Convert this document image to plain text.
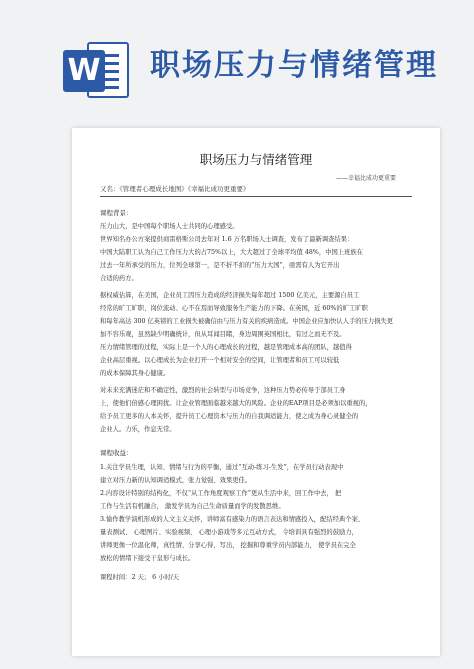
W 职场压力与情绪管理
职场压力与情绪管理
——幸福比成功更重要
又名：《管理者心理成长地图》《幸福比成功更重要》
课程背景：
压力山大，是中国每个职场人士共同的心理感受。
世界知名办公方案提供商雷格斯公司去年对 1.6 万名职场人士调查，发布了最新调查结果：
中国大陆职工认为自己工作压力大的占75%以上，大大超过了全球平均值 48%，中国上班族在
过去一年所承受的压力，位列全球第一，是不折不扣的“压力大国”，亟需有人为它开出
合适的药方。
据权威估算，在美国，企业员工因压力造成的经济损失每年超过 1500 亿美元，主要源自员工
经常的旷工旷职、岗位流动、心不在焉而导致服务生产能力的下降。在英国，近 60%的旷工旷职
和每年高达 300 亿英镑的工业损失被确信由与压力有关的疾病造成。中国企业应加快认人手的压力损失更
加不容乐观，虽然缺少明确统计，但从耳闻目睹，身边周围英国相比，有过之而无不及。
压力情绪管理的过程，实际上是一个人的心理成长的过程，越是管理成本高的团队，越值得
企业高层重视。以心理成长为企业打开一个相对安全的空间，让管理者和员工可以较低
的成本保障其身心健康。
对未来充满迷茫和不确定性，激烈的社会转型与市场竞争，这种压力势必传导于部员工身
上，使他们倍感心理困扰。让企业管理面临越来越大的风险。企业的EAP项目是必须加以重视的，
给予员工更多的人本关怀，提升员工心理资本与压力的自我调适能力，使之成为身心灵健全的
企业人。力乐，作息无常。
课程收益：
1.关注学员生理，认知、情绪与行为的平衡，通过“互动-练习-生发”，在学员行动表现中
建立对压力新的认知调适模式，张力觉强、效果更佳。
2.内容设计特别的结构化，不仅“从工作角度观察工作”更从生活中来，回工作中去， 把
工作与生活有机融合， 激发学员为自己生命质量而学的发散思维。
3.愉作教学演机形成的人文主义关怀，讲师富有感染力的语言表达和情感投入，配结经典个案、
量表测试、 心理图片、实验视频、 心理小游戏等多元互动方式， 令培训具有强烈的鼓励力，
讲师更像一位温化师，真性情、分享心得，写出， 挖掘和尊重学员内部能力， 使学员在完全
放松的情绪下接受干皇形与成长。
课程时间：2 天； 6 小时/天
